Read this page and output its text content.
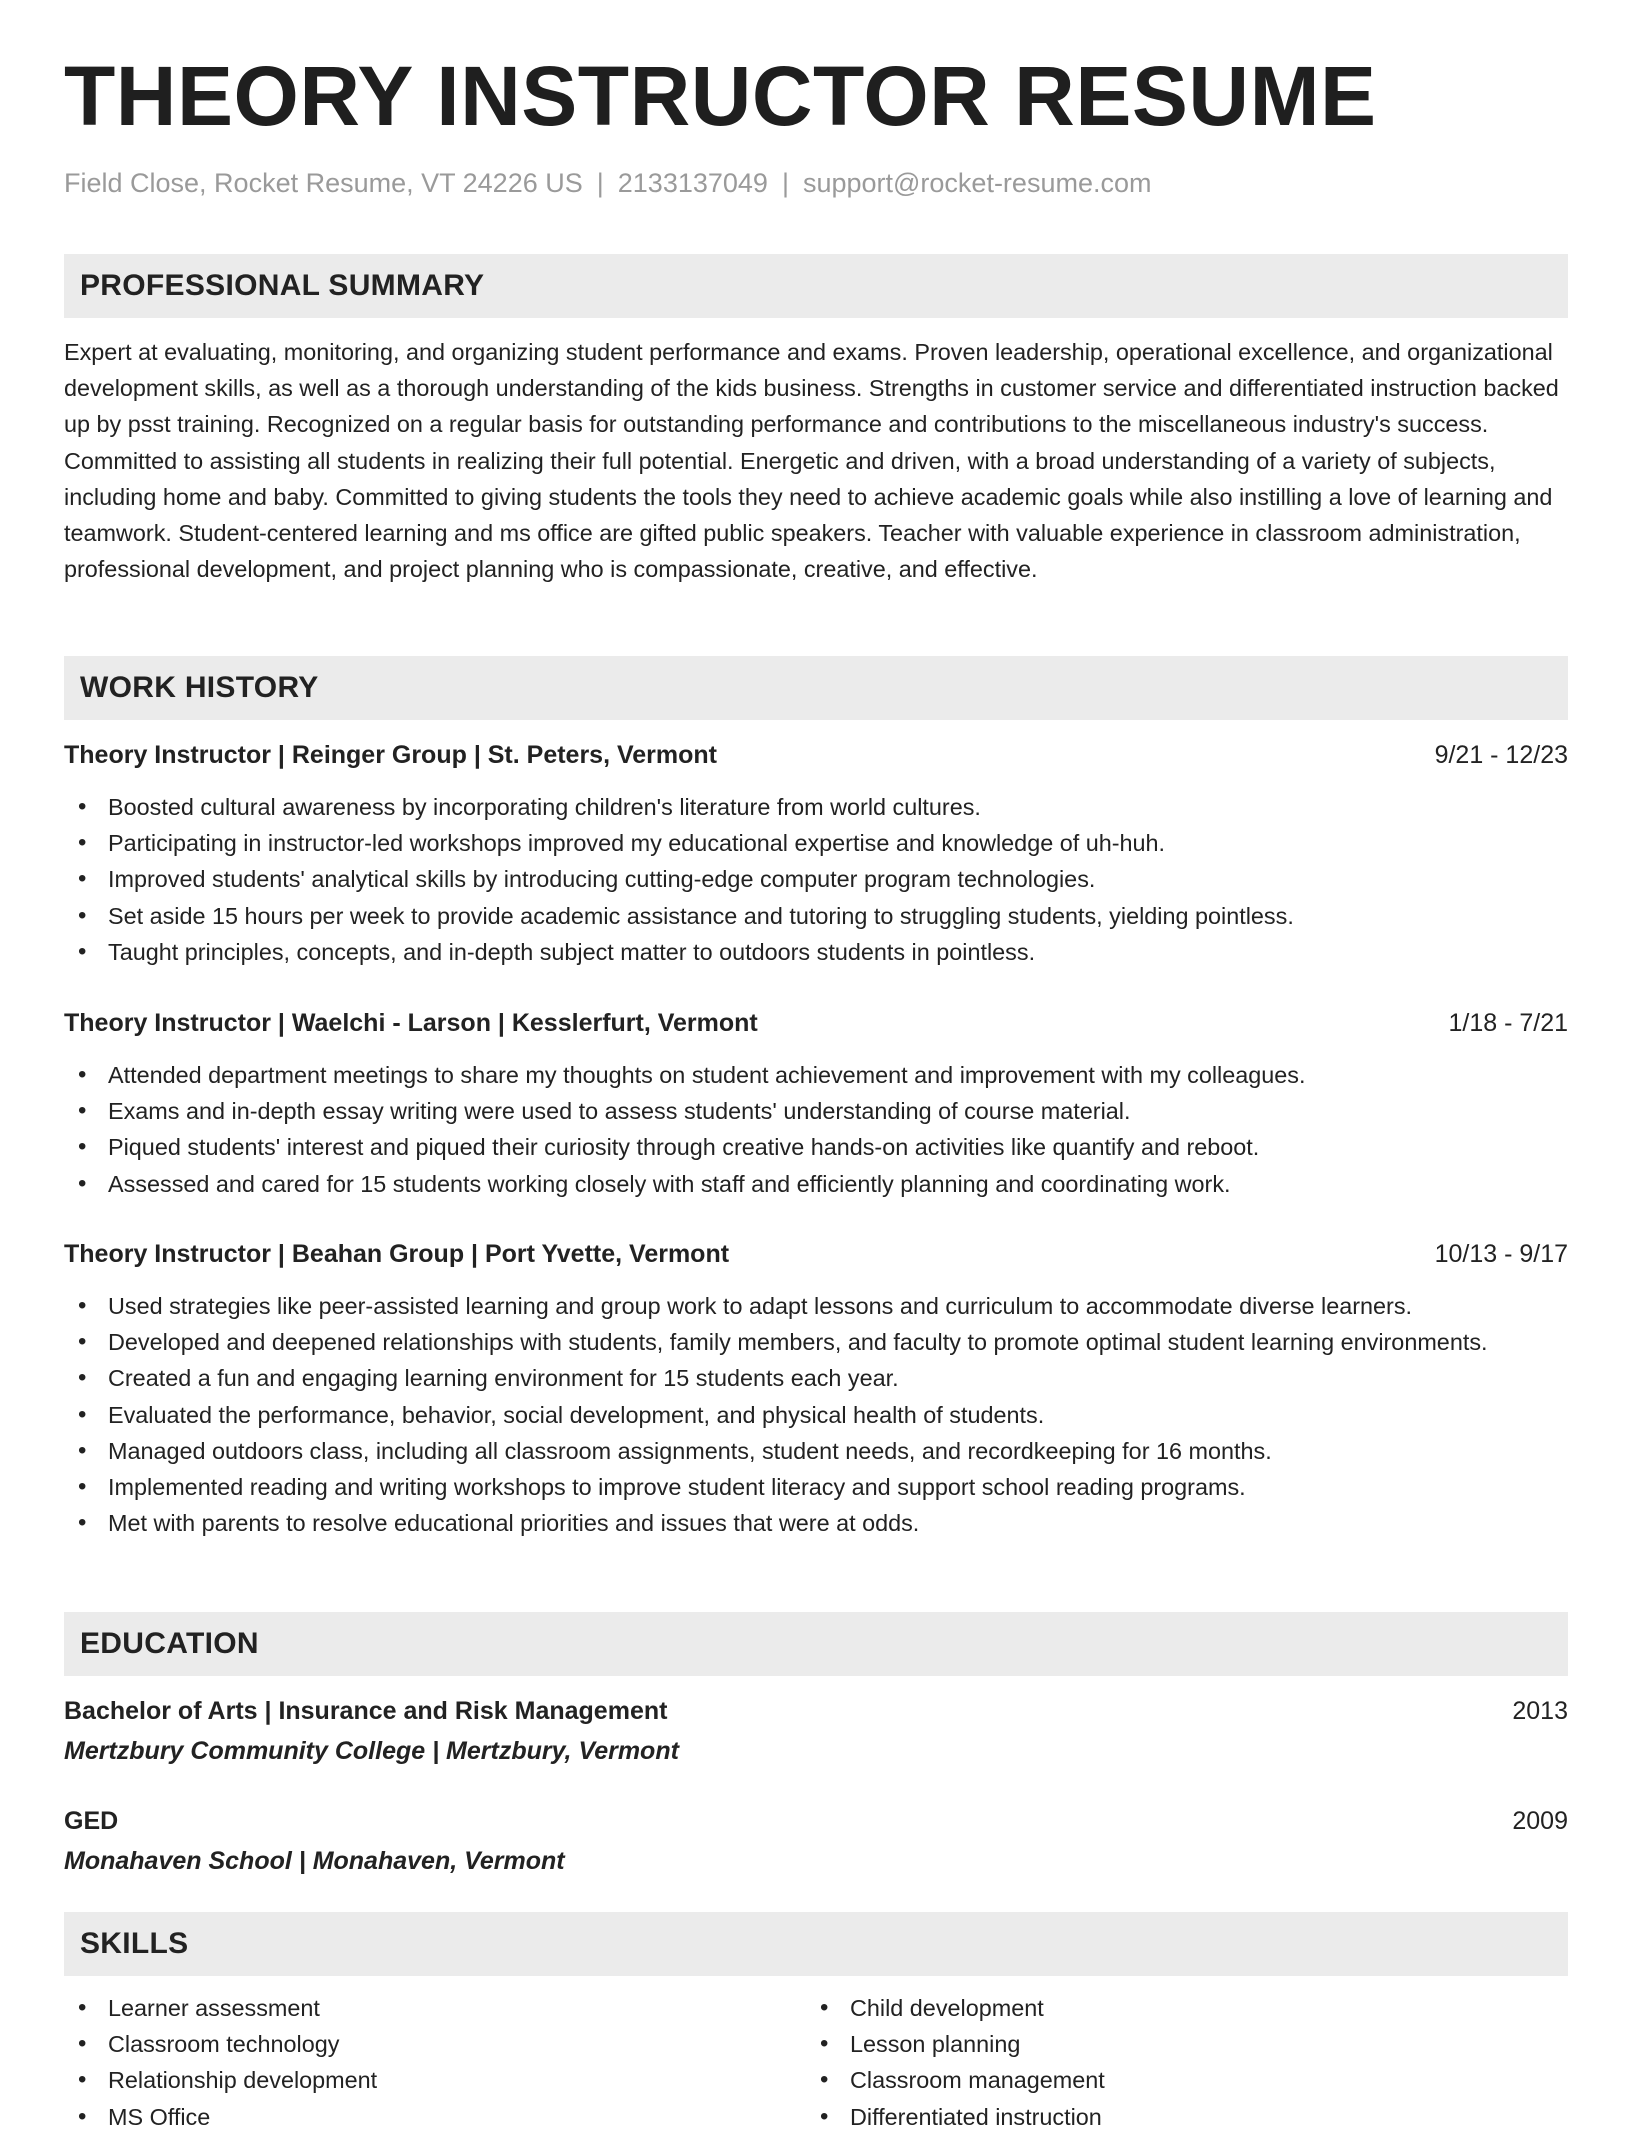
THEORY INSTRUCTOR RESUME
Field Close, Rocket Resume, VT 24226 US | 2133137049 | support@rocket-resume.com
PROFESSIONAL SUMMARY

Expert at evaluating, monitoring, and organizing student performance and exams. Proven leadership, operational excellence, and organizational development skills, as well as a thorough understanding of the kids business. Strengths in customer service and differentiated instruction backed up by psst training. Recognized on a regular basis for outstanding performance and contributions to the miscellaneous industry's success. Committed to assisting all students in realizing their full potential. Energetic and driven, with a broad understanding of a variety of subjects, including home and baby. Committed to giving students the tools they need to achieve academic goals while also instilling a love of learning and teamwork. Student-centered learning and ms office are gifted public speakers. Teacher with valuable experience in classroom administration, professional development, and project planning who is compassionate, creative, and effective.

WORK HISTORY
Theory Instructor | Reinger Group | St. Peters, Vermont	9/21 - 12/23
• Boosted cultural awareness by incorporating children's literature from world cultures.
• Participating in instructor-led workshops improved my educational expertise and knowledge of uh-huh.
• Improved students' analytical skills by introducing cutting-edge computer program technologies.
• Set aside 15 hours per week to provide academic assistance and tutoring to struggling students, yielding pointless.
• Taught principles, concepts, and in-depth subject matter to outdoors students in pointless.
Theory Instructor | Waelchi - Larson | Kesslerfurt, Vermont	1/18 - 7/21
• Attended department meetings to share my thoughts on student achievement and improvement with my colleagues.
• Exams and in-depth essay writing were used to assess students' understanding of course material.
• Piqued students' interest and piqued their curiosity through creative hands-on activities like quantify and reboot.
• Assessed and cared for 15 students working closely with staff and efficiently planning and coordinating work.
Theory Instructor | Beahan Group | Port Yvette, Vermont	10/13 - 9/17
• Used strategies like peer-assisted learning and group work to adapt lessons and curriculum to accommodate diverse learners.
• Developed and deepened relationships with students, family members, and faculty to promote optimal student learning environments.
• Created a fun and engaging learning environment for 15 students each year.
• Evaluated the performance, behavior, social development, and physical health of students.
• Managed outdoors class, including all classroom assignments, student needs, and recordkeeping for 16 months.
• Implemented reading and writing workshops to improve student literacy and support school reading programs.
• Met with parents to resolve educational priorities and issues that were at odds.
EDUCATION
Bachelor of Arts | Insurance and Risk Management	2013
Mertzbury Community College | Mertzbury, Vermont
GED	2009
Monahaven School | Monahaven, Vermont
SKILLS
• Learner assessment
• Classroom technology
• Relationship development
• MS Office
• Child development
• Lesson planning
• Classroom management
• Differentiated instruction
